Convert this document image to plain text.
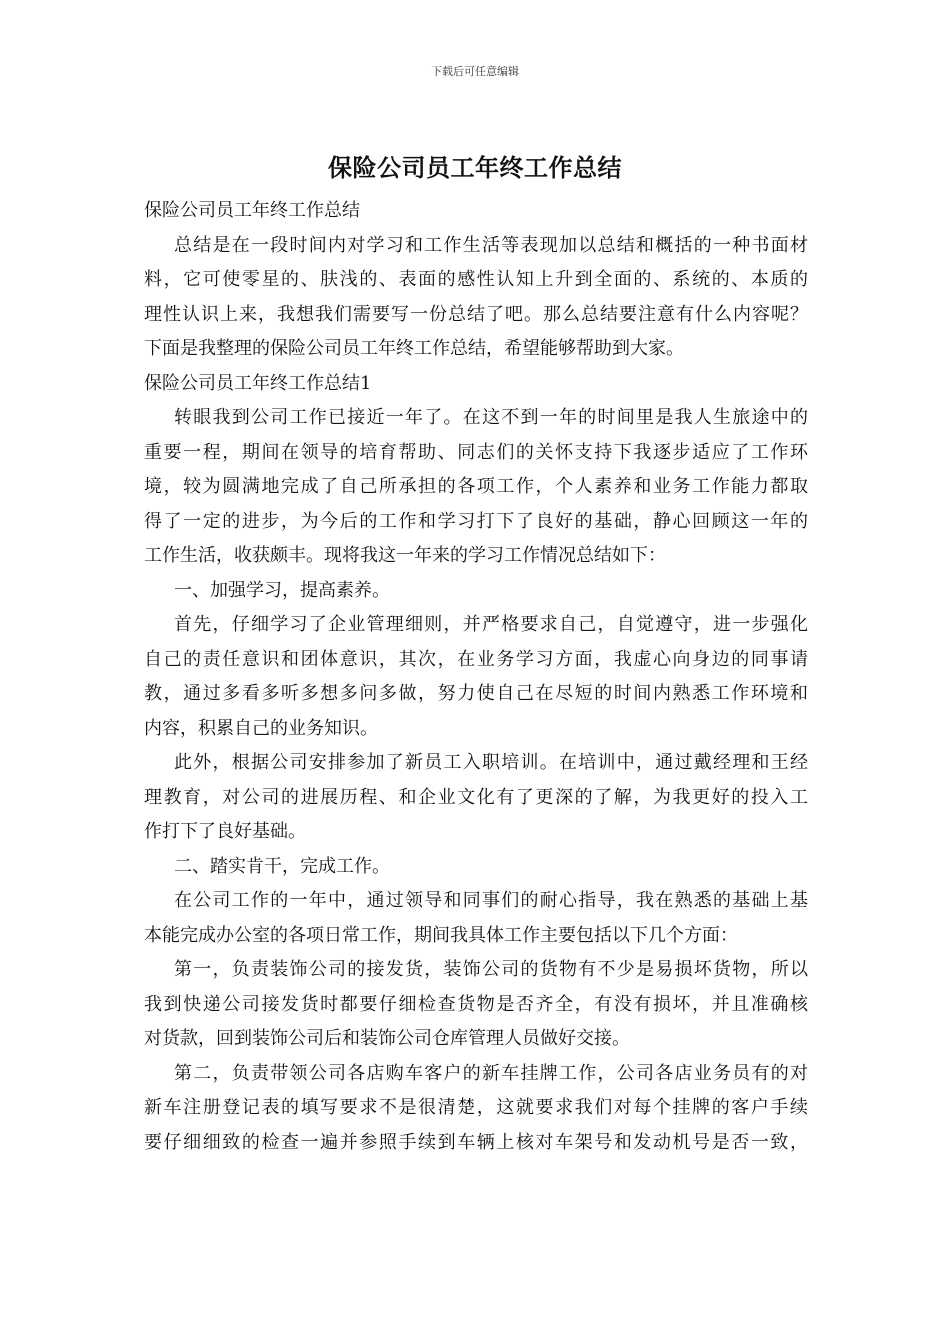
下载后可任意编辑
保险公司员工年终工作总结

保险公司员工年终工作总结

总结是在一段时间内对学习和工作生活等表现加以总结和概括的一种书面材
料，它可使零星的、肤浅的、表面的感性认知上升到全面的、系统的、本质的
理性认识上来，我想我们需要写一份总结了吧。那么总结要注意有什么内容呢？
下面是我整理的保险公司员工年终工作总结，希望能够帮助到大家。

保险公司员工年终工作总结1

转眼我到公司工作已接近一年了。在这不到一年的时间里是我人生旅途中的
重要一程，期间在领导的培育帮助、同志们的关怀支持下我逐步适应了工作环
境，较为圆满地完成了自己所承担的各项工作，个人素养和业务工作能力都取
得了一定的进步，为今后的工作和学习打下了良好的基础，静心回顾这一年的
工作生活，收获颇丰。现将我这一年来的学习工作情况总结如下：

一、加强学习，提高素养。

首先，仔细学习了企业管理细则，并严格要求自己，自觉遵守，进一步强化
自己的责任意识和团体意识，其次，在业务学习方面，我虚心向身边的同事请
教，通过多看多听多想多问多做，努力使自己在尽短的时间内熟悉工作环境和
内容，积累自己的业务知识。

此外，根据公司安排参加了新员工入职培训。在培训中，通过戴经理和王经
理教育，对公司的进展历程、和企业文化有了更深的了解，为我更好的投入工
作打下了良好基础。

二、踏实肯干，完成工作。

在公司工作的一年中，通过领导和同事们的耐心指导，我在熟悉的基础上基
本能完成办公室的各项日常工作，期间我具体工作主要包括以下几个方面：

第一，负责装饰公司的接发货，装饰公司的货物有不少是易损坏货物，所以
我到快递公司接发货时都要仔细检查货物是否齐全，有没有损坏，并且准确核
对货款，回到装饰公司后和装饰公司仓库管理人员做好交接。

第二，负责带领公司各店购车客户的新车挂牌工作，公司各店业务员有的对
新车注册登记表的填写要求不是很清楚，这就要求我们对每个挂牌的客户手续
要仔细细致的检查一遍并参照手续到车辆上核对车架号和发动机号是否一致，
